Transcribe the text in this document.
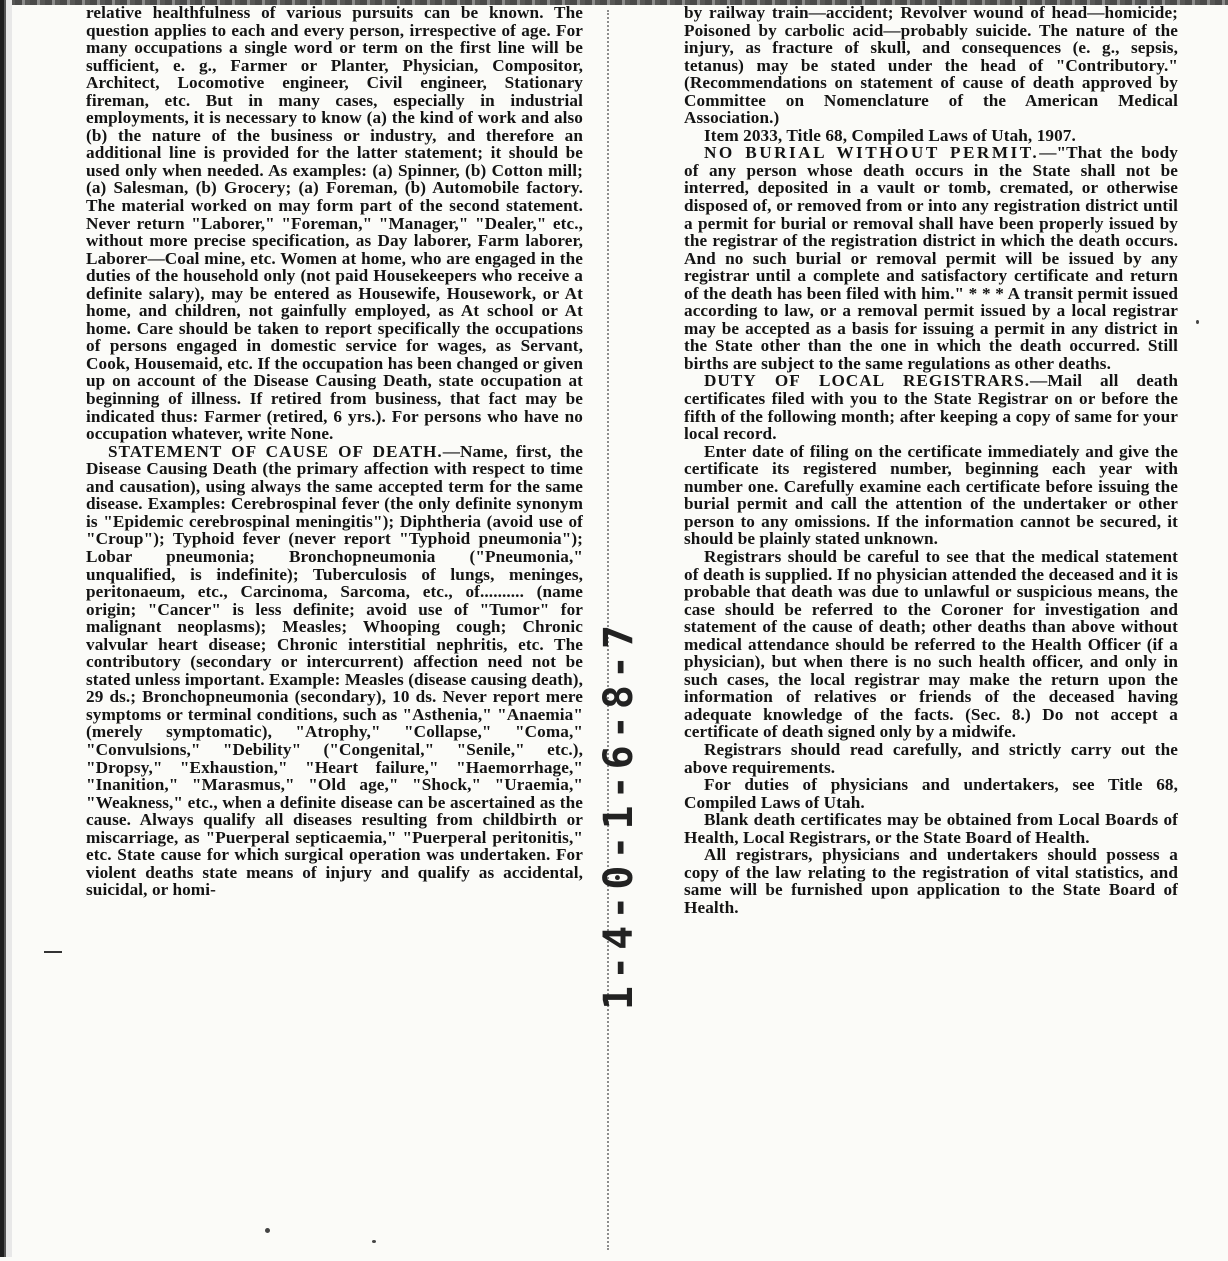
relative healthfulness of various pursuits can be known. The question applies to each and every person, irrespective of age. For many occupations a single word or term on the first line will be sufficient, e. g., Farmer or Planter, Physician, Compositor, Architect, Locomotive engineer, Civil engineer, Stationary fireman, etc. But in many cases, especially in industrial employments, it is necessary to know (a) the kind of work and also (b) the nature of the business or industry, and therefore an additional line is provided for the latter statement; it should be used only when needed. As examples: (a) Spinner, (b) Cotton mill; (a) Salesman, (b) Grocery; (a) Foreman, (b) Automobile factory. The material worked on may form part of the second statement. Never return "Laborer," "Foreman," "Manager," "Dealer," etc., without more precise specification, as Day laborer, Farm laborer, Laborer—Coal mine, etc. Women at home, who are engaged in the duties of the household only (not paid Housekeepers who receive a definite salary), may be entered as Housewife, Housework, or At home, and children, not gainfully employed, as At school or At home. Care should be taken to report specifically the occupations of persons engaged in domestic service for wages, as Servant, Cook, Housemaid, etc. If the occupation has been changed or given up on account of the Disease Causing Death, state occupation at beginning of illness. If retired from business, that fact may be indicated thus: Farmer (retired, 6 yrs.). For persons who have no occupation whatever, write None.

STATEMENT OF CAUSE OF DEATH.—Name, first, the Disease Causing Death (the primary affection with respect to time and causation), using always the same accepted term for the same disease. Examples: Cerebrospinal fever (the only definite synonym is "Epidemic cerebrospinal meningitis"); Diphtheria (avoid use of "Croup"); Typhoid fever (never report "Typhoid pneumonia"); Lobar pneumonia; Bronchopneumonia ("Pneumonia," unqualified, is indefinite); Tuberculosis of lungs, meninges, peritonaeum, etc., Carcinoma, Sarcoma, etc., of.......... (name origin; "Cancer" is less definite; avoid use of "Tumor" for malignant neoplasms); Measles; Whooping cough; Chronic valvular heart disease; Chronic interstitial nephritis, etc. The contributory (secondary or intercurrent) affection need not be stated unless important. Example: Measles (disease causing death), 29 ds.; Bronchopneumonia (secondary), 10 ds. Never report mere symptoms or terminal conditions, such as "Asthenia," "Anaemia" (merely symptomatic), "Atrophy," "Collapse," "Coma," "Convulsions," "Debility" ("Congenital," "Senile," etc.), "Dropsy," "Exhaustion," "Heart failure," "Haemorrhage," "Inanition," "Marasmus," "Old age," "Shock," "Uraemia," "Weakness," etc., when a definite disease can be ascertained as the cause. Always qualify all diseases resulting from childbirth or miscarriage, as "Puerperal septicaemia," "Puerperal peritonitis," etc. State cause for which surgical operation was undertaken. For violent deaths state means of injury and qualify as accidental, suicidal, or homi-	1-4-0-1-6-8-7

by railway train—accident; Revolver wound of head—homicide; Poisoned by carbolic acid—probably suicide. The nature of the injury, as fracture of skull, and consequences (e. g., sepsis, tetanus) may be stated under the head of "Contributory." (Recommendations on statement of cause of death approved by Committee on Nomenclature of the American Medical Association.)

Item 2033, Title 68, Compiled Laws of Utah, 1907.

NO BURIAL WITHOUT PERMIT.—"That the body of any person whose death occurs in the State shall not be interred, deposited in a vault or tomb, cremated, or otherwise disposed of, or removed from or into any registration district until a permit for burial or removal shall have been properly issued by the registrar of the registration district in which the death occurs. And no such burial or removal permit will be issued by any registrar until a complete and satisfactory certificate and return of the death has been filed with him." * * * A transit permit issued according to law, or a removal permit issued by a local registrar may be accepted as a basis for issuing a permit in any district in the State other than the one in which the death occurred. Still births are subject to the same regulations as other deaths.

DUTY OF LOCAL REGISTRARS.—Mail all death certificates filed with you to the State Registrar on or before the fifth of the following month; after keeping a copy of same for your local record.

Enter date of filing on the certificate immediately and give the certificate its registered number, beginning each year with number one. Carefully examine each certificate before issuing the burial permit and call the attention of the undertaker or other person to any omissions. If the information cannot be secured, it should be plainly stated unknown.

Registrars should be careful to see that the medical statement of death is supplied. If no physician attended the deceased and it is probable that death was due to unlawful or suspicious means, the case should be referred to the Coroner for investigation and statement of the cause of death; other deaths than above without medical attendance should be referred to the Health Officer (if a physician), but when there is no such health officer, and only in such cases, the local registrar may make the return upon the information of relatives or friends of the deceased having adequate knowledge of the facts. (Sec. 8.) Do not accept a certificate of death signed only by a midwife.

Registrars should read carefully, and strictly carry out the above requirements.

For duties of physicians and undertakers, see Title 68, Compiled Laws of Utah.

Blank death certificates may be obtained from Local Boards of Health, Local Registrars, or the State Board of Health.

All registrars, physicians and undertakers should possess a copy of the law relating to the registration of vital statistics, and same will be furnished upon application to the State Board of Health.
